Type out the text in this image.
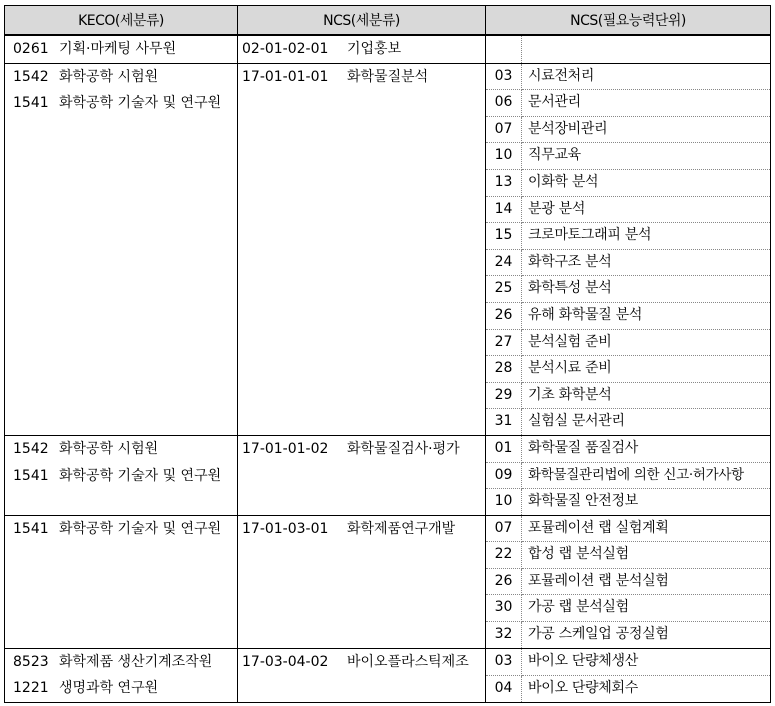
KECO(세분류)	NCS(세분류)	NCS(필요능력단위)	

0261 기획·마케팅 사무원	02-01-02-01 기업홍보		

1542 화학공학 시험원
1541 화학공학 기술자 및 연구원	17-01-01-01 화학물질분석	03	시료전처리
		06	문서관리
		07	분석장비관리
		10	직무교육
		13	이화학 분석
		14	분광 분석
		15	크로마토그래피 분석
		24	화학구조 분석
		25	화학특성 분석
		26	유해 화학물질 분석
		27	분석실험 준비
		28	분석시료 준비
		29	기초 화학분석
		31	실험실 문서관리

1542 화학공학 시험원
1541 화학공학 기술자 및 연구원	17-01-01-02 화학물질검사·평가	01	화학물질 품질검사
		09	화학물질관리법에 의한 신고·허가사항
		10	화학물질 안전정보

1541 화학공학 기술자 및 연구원	17-01-03-01 화학제품연구개발	07	포뮬레이션 랩 실험계획
		22	합성 랩 분석실험
		26	포뮬레이션 랩 분석실험
		30	가공 랩 분석실험
		32	가공 스케일업 공정실험

8523 화학제품 생산기계조작원
1221 생명과학 연구원	17-03-04-02 바이오플라스틱제조	03	바이오 단량체생산
		04	바이오 단량체회수
